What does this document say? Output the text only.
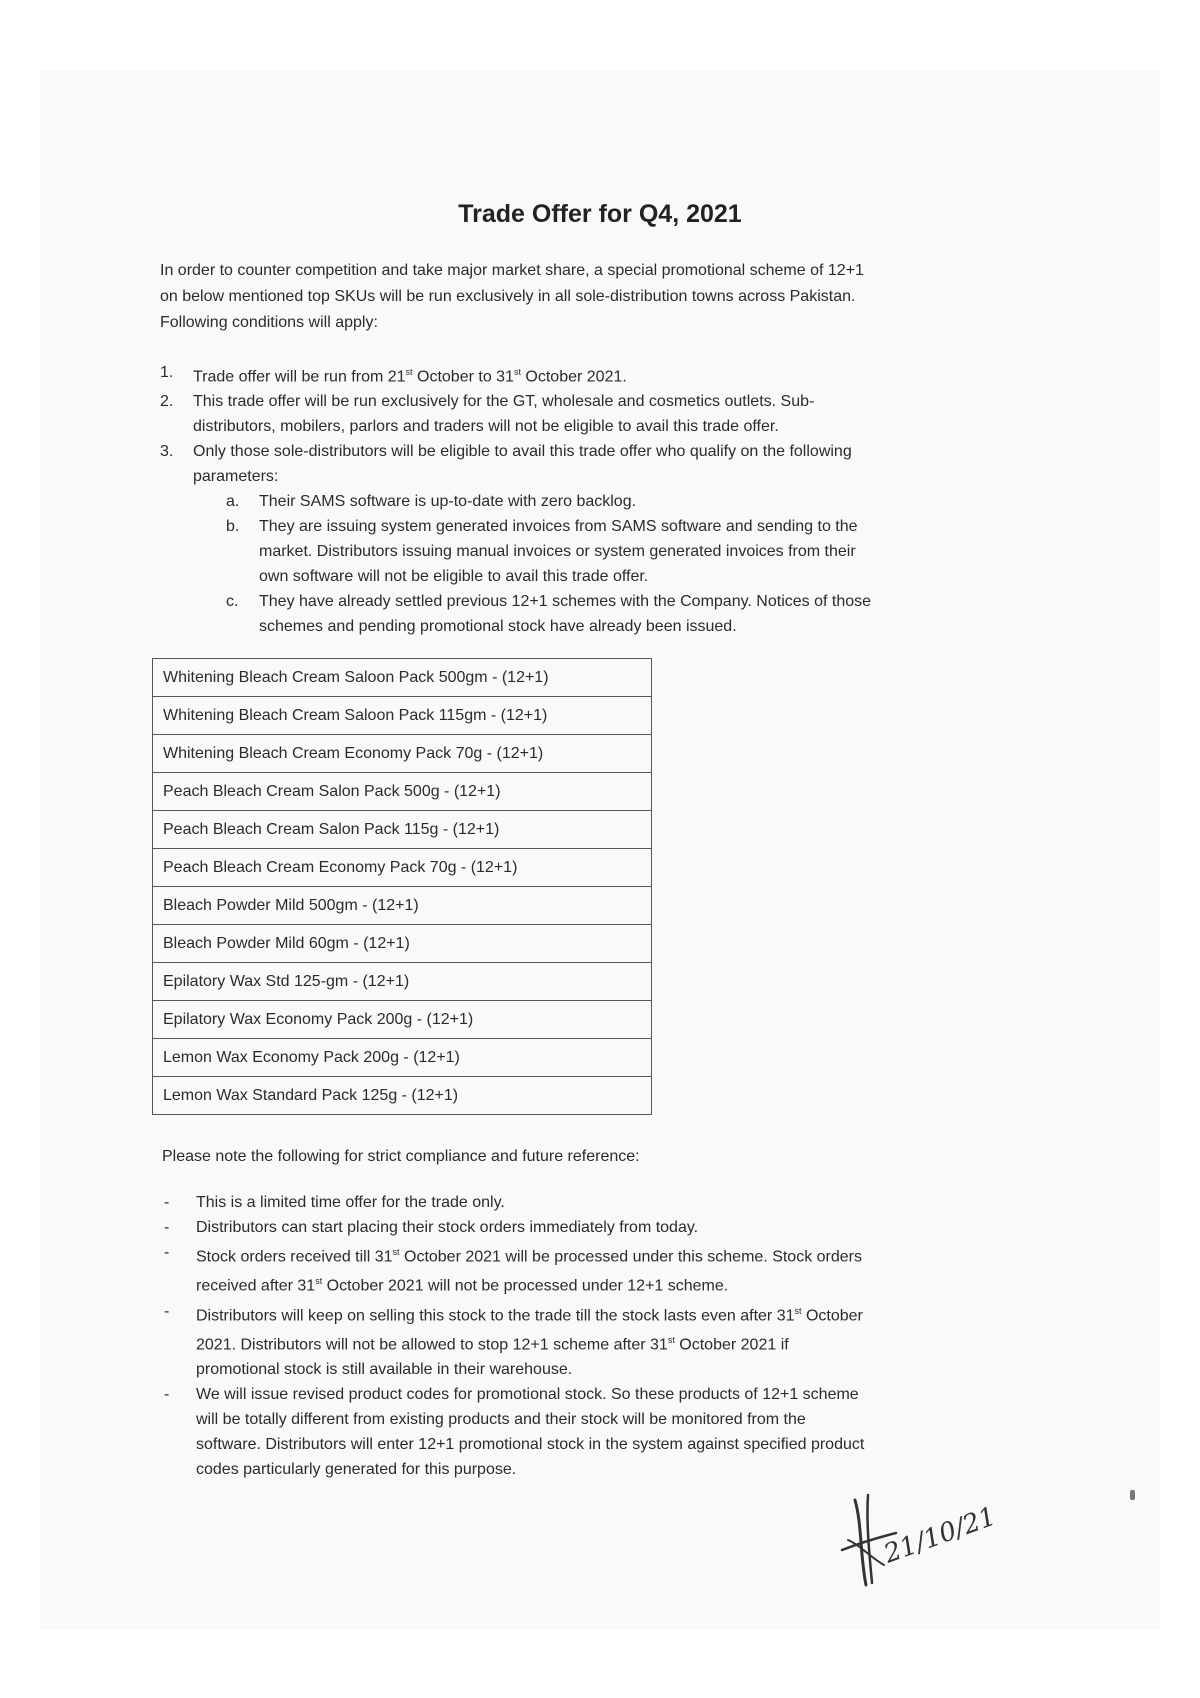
Trade Offer for Q4, 2021

In order to counter competition and take major market share, a special promotional scheme of 12+1

on below mentioned top SKUs will be run exclusively in all sole-distribution towns across Pakistan.

Following conditions will apply:

1. Trade offer will be run from 21st October to 31st October 2021.
2. This trade offer will be run exclusively for the GT, wholesale and cosmetics outlets. Sub-
distributors, mobilers, parlors and traders will not be eligible to avail this trade offer.
3. Only those sole-distributors will be eligible to avail this trade offer who qualify on the following
parameters:
a. Their SAMS software is up-to-date with zero backlog.
b. They are issuing system generated invoices from SAMS software and sending to the
market. Distributors issuing manual invoices or system generated invoices from their
own software will not be eligible to avail this trade offer.
c. They have already settled previous 12+1 schemes with the Company. Notices of those
schemes and pending promotional stock have already been issued.
Whitening Bleach Cream Saloon Pack 500gm - (12+1)
Whitening Bleach Cream Saloon Pack 115gm - (12+1)
Whitening Bleach Cream Economy Pack 70g - (12+1)
Peach Bleach Cream Salon Pack 500g - (12+1)
Peach Bleach Cream Salon Pack 115g - (12+1)
Peach Bleach Cream Economy Pack 70g - (12+1)
Bleach Powder Mild 500gm - (12+1)
Bleach Powder Mild 60gm - (12+1)
Epilatory Wax Std 125-gm - (12+1)
Epilatory Wax Economy Pack 200g - (12+1)
Lemon Wax Economy Pack 200g - (12+1)
Lemon Wax Standard Pack 125g - (12+1)
Please note the following for strict compliance and future reference:
- This is a limited time offer for the trade only.
- Distributors can start placing their stock orders immediately from today.
- Stock orders received till 31st October 2021 will be processed under this scheme. Stock orders
received after 31st October 2021 will not be processed under 12+1 scheme.
- Distributors will keep on selling this stock to the trade till the stock lasts even after 31st October
2021. Distributors will not be allowed to stop 12+1 scheme after 31st October 2021 if
promotional stock is still available in their warehouse.
- We will issue revised product codes for promotional stock. So these products of 12+1 scheme
will be totally different from existing products and their stock will be monitored from the
software. Distributors will enter 12+1 promotional stock in the system against specified product
codes particularly generated for this purpose.
21/10/21
